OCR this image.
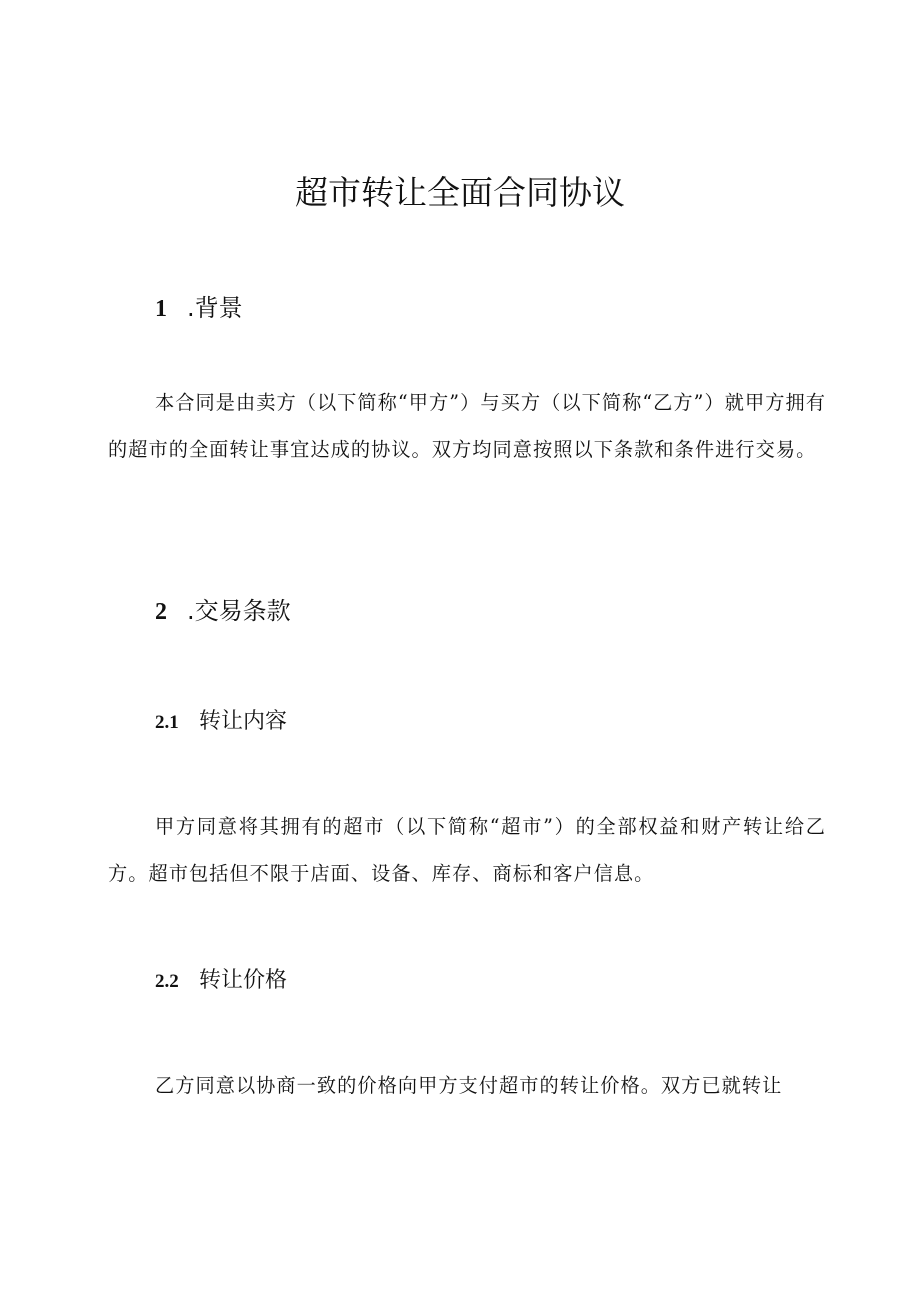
超市转让全面合同协议
1 .背景

本合同是由卖方（以下简称“甲方”）与买方（以下简称“乙方”）就甲方拥有的超市的全面转让事宜达成的协议。双方均同意按照以下条款和条件进行交易。

2 .交易条款
2.1 转让内容

甲方同意将其拥有的超市（以下简称“超市”）的全部权益和财产转让给乙方。超市包括但不限于店面、设备、库存、商标和客户信息。

2.2 转让价格

乙方同意以协商一致的价格向甲方支付超市的转让价格。双方已就转让
